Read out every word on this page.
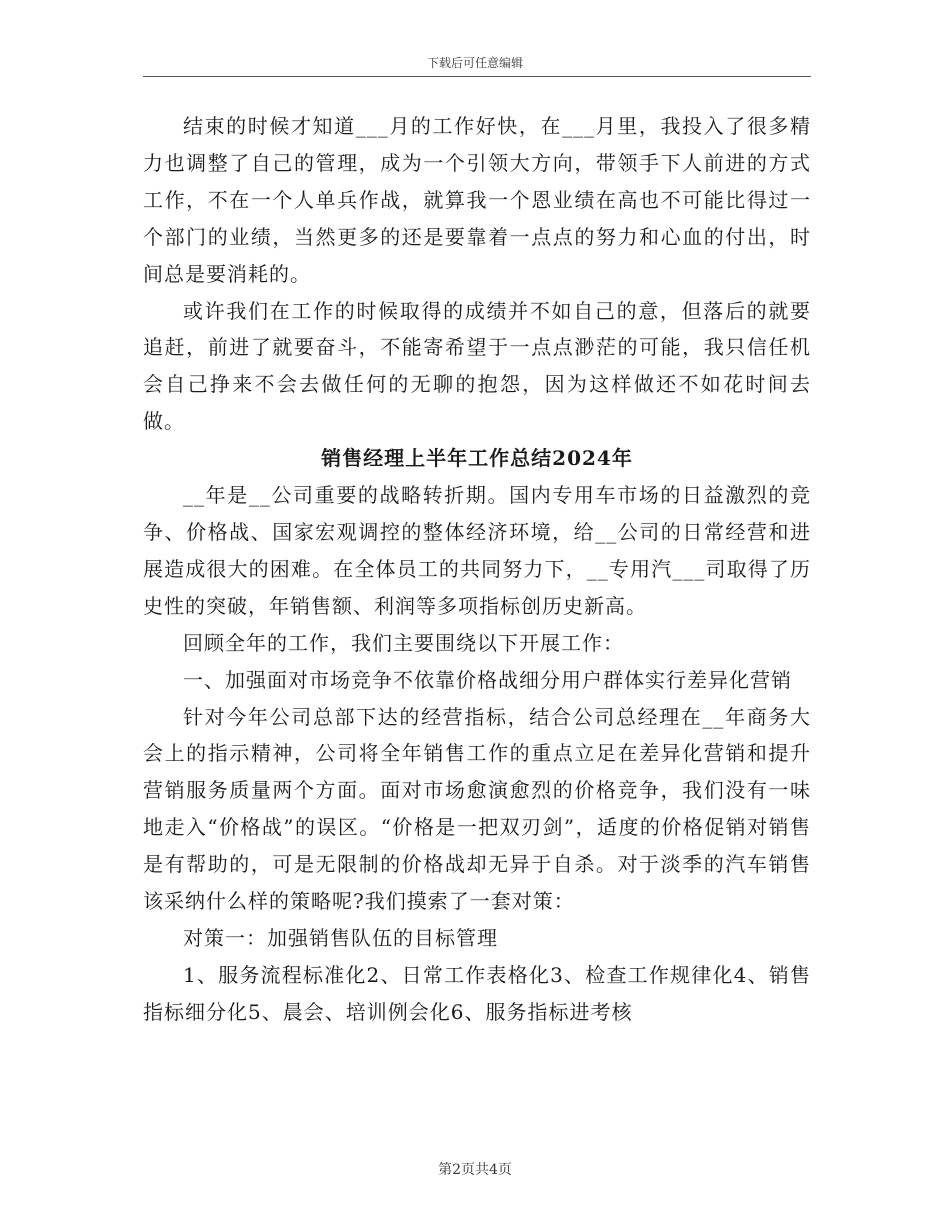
下载后可任意编辑

结束的时候才知道___月的工作好快，在___月里，我投入了很多精力也调整了自己的管理，成为一个引领大方向，带领手下人前进的方式工作，不在一个人单兵作战，就算我一个恩业绩在高也不可能比得过一个部门的业绩，当然更多的还是要靠着一点点的努力和心血的付出，时间总是要消耗的。

或许我们在工作的时候取得的成绩并不如自己的意，但落后的就要追赶，前进了就要奋斗，不能寄希望于一点点渺茫的可能，我只信任机会自己挣来不会去做任何的无聊的抱怨，因为这样做还不如花时间去做。

销售经理上半年工作总结2024年

__年是__公司重要的战略转折期。国内专用车市场的日益激烈的竞争、价格战、国家宏观调控的整体经济环境，给__公司的日常经营和进展造成很大的困难。在全体员工的共同努力下，__专用汽___司取得了历史性的突破，年销售额、利润等多项指标创历史新高。

回顾全年的工作，我们主要围绕以下开展工作：

一、加强面对市场竞争不依靠价格战细分用户群体实行差异化营销

针对今年公司总部下达的经营指标，结合公司总经理在__年商务大会上的指示精神，公司将全年销售工作的重点立足在差异化营销和提升营销服务质量两个方面。面对市场愈演愈烈的价格竞争，我们没有一味地走入“价格战”的误区。“价格是一把双刃剑”，适度的价格促销对销售是有帮助的，可是无限制的价格战却无异于自杀。对于淡季的汽车销售该采纳什么样的策略呢?我们摸索了一套对策：

对策一：加强销售队伍的目标管理

1、服务流程标准化2、日常工作表格化3、检查工作规律化4、销售指标细分化5、晨会、培训例会化6、服务指标进考核

第2页共4页
